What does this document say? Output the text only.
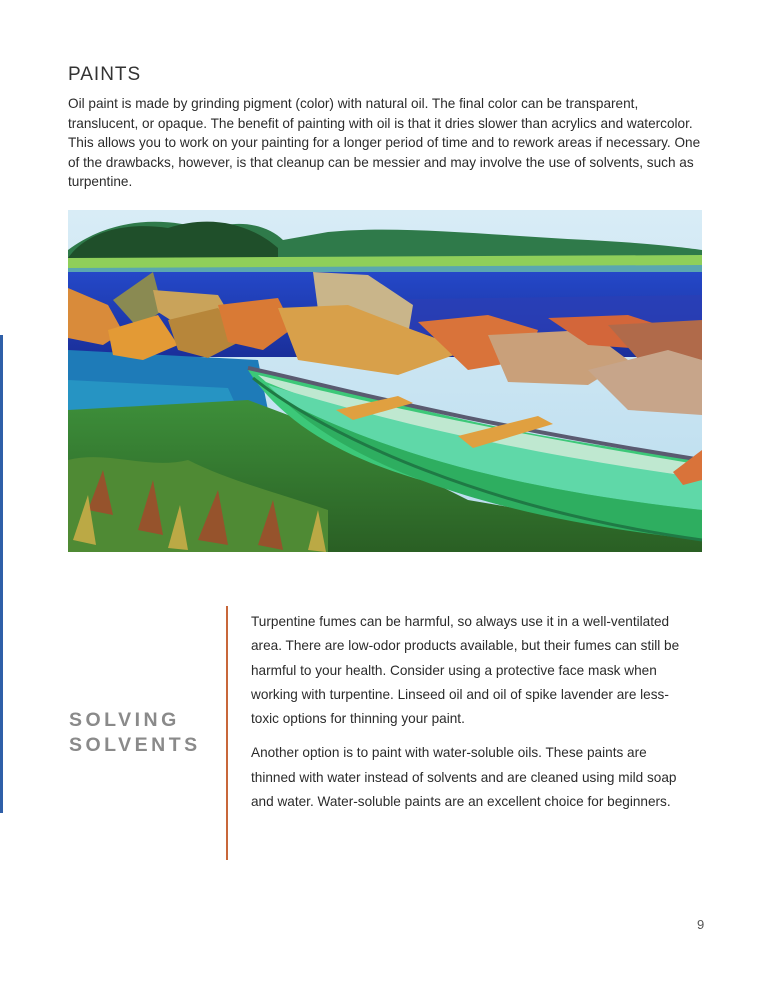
PAINTS

Oil paint is made by grinding pigment (color) with natural oil. The final color can be transparent, translucent, or opaque. The benefit of painting with oil is that it dries slower than acrylics and watercolor. This allows you to work on your painting for a longer period of time and to rework areas if necessary. One of the drawbacks, however, is that cleanup can be messier and may involve the use of solvents, such as turpentine.

SOLVING
SOLVENTS

Turpentine fumes can be harmful, so always use it in a well-ventilated area. There are low-odor products available, but their fumes can still be harmful to your health. Consider using a protective face mask when working with turpentine. Linseed oil and oil of spike lavender are less-toxic options for thinning your paint.

Another option is to paint with water-soluble oils. These paints are thinned with water instead of solvents and are cleaned using mild soap and water. Water-soluble paints are an excellent choice for beginners.

9
